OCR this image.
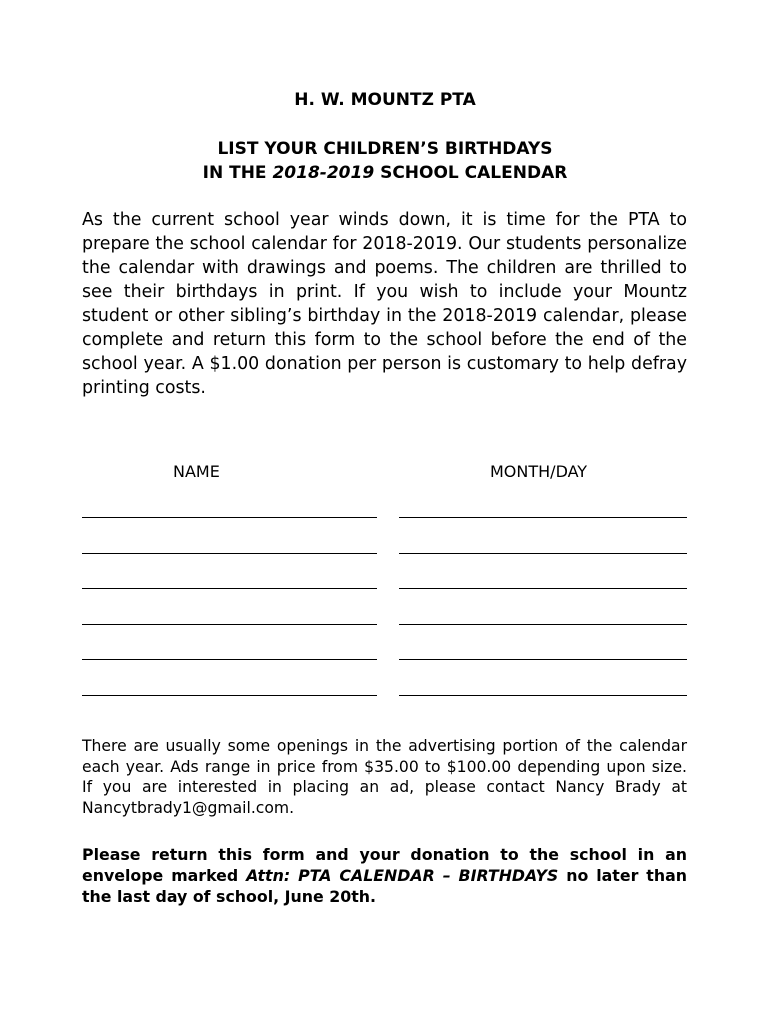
H. W. MOUNTZ PTA
LIST YOUR CHILDREN’S BIRTHDAYS
IN THE 2018-2019 SCHOOL CALENDAR
As the current school year winds down, it is time for the PTA to prepare the school calendar for 2018-2019. Our students personalize the calendar with drawings and poems. The children are thrilled to see their birthdays in print. If you wish to include your Mountz student or other sibling’s birthday in the 2018-2019 calendar, please complete and return this form to the school before the end of the school year. A $1.00 donation per person is customary to help defray printing costs.
NAME	MONTH/DAY
There are usually some openings in the advertising portion of the calendar each year. Ads range in price from $35.00 to $100.00 depending upon size. If you are interested in placing an ad, please contact Nancy Brady at Nancytbrady1@gmail.com.
Please return this form and your donation to the school in an envelope marked Attn: PTA CALENDAR – BIRTHDAYS no later than the last day of school, June 20th.
